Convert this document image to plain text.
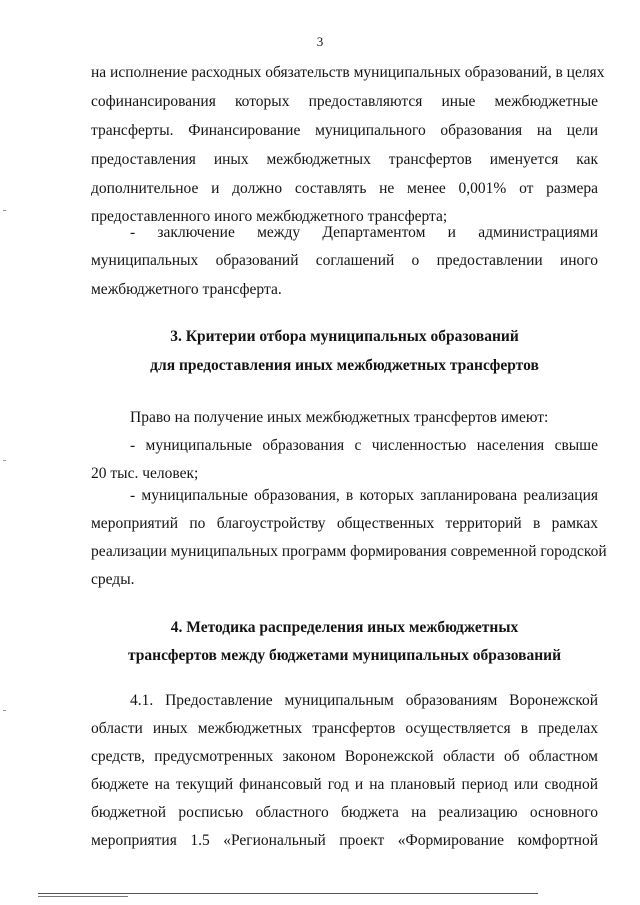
3
на исполнение расходных обязательств муниципальных образований, в целях
софинансирования которых предоставляются иные межбюджетные
трансферты. Финансирование муниципального образования на цели
предоставления иных межбюджетных трансфертов именуется как
дополнительное и должно составлять не менее 0,001% от размера
предоставленного иного межбюджетного трансферта;
- заключение между Департаментом и администрациями
муниципальных образований соглашений о предоставлении иного
межбюджетного трансферта.
3. Критерии отбора муниципальных образований
для предоставления иных межбюджетных трансфертов
Право на получение иных межбюджетных трансфертов имеют:
- муниципальные образования с численностью населения свыше
20 тыс. человек;
- муниципальные образования, в которых запланирована реализация
мероприятий по благоустройству общественных территорий в рамках
реализации муниципальных программ формирования современной городской
среды.
4. Методика распределения иных межбюджетных
трансфертов между бюджетами муниципальных образований
4.1. Предоставление муниципальным образованиям Воронежской
области иных межбюджетных трансфертов осуществляется в пределах
средств, предусмотренных законом Воронежской области об областном
бюджете на текущий финансовый год и на плановый период или сводной
бюджетной росписью областного бюджета на реализацию основного
мероприятия 1.5 «Региональный проект «Формирование комфортной
